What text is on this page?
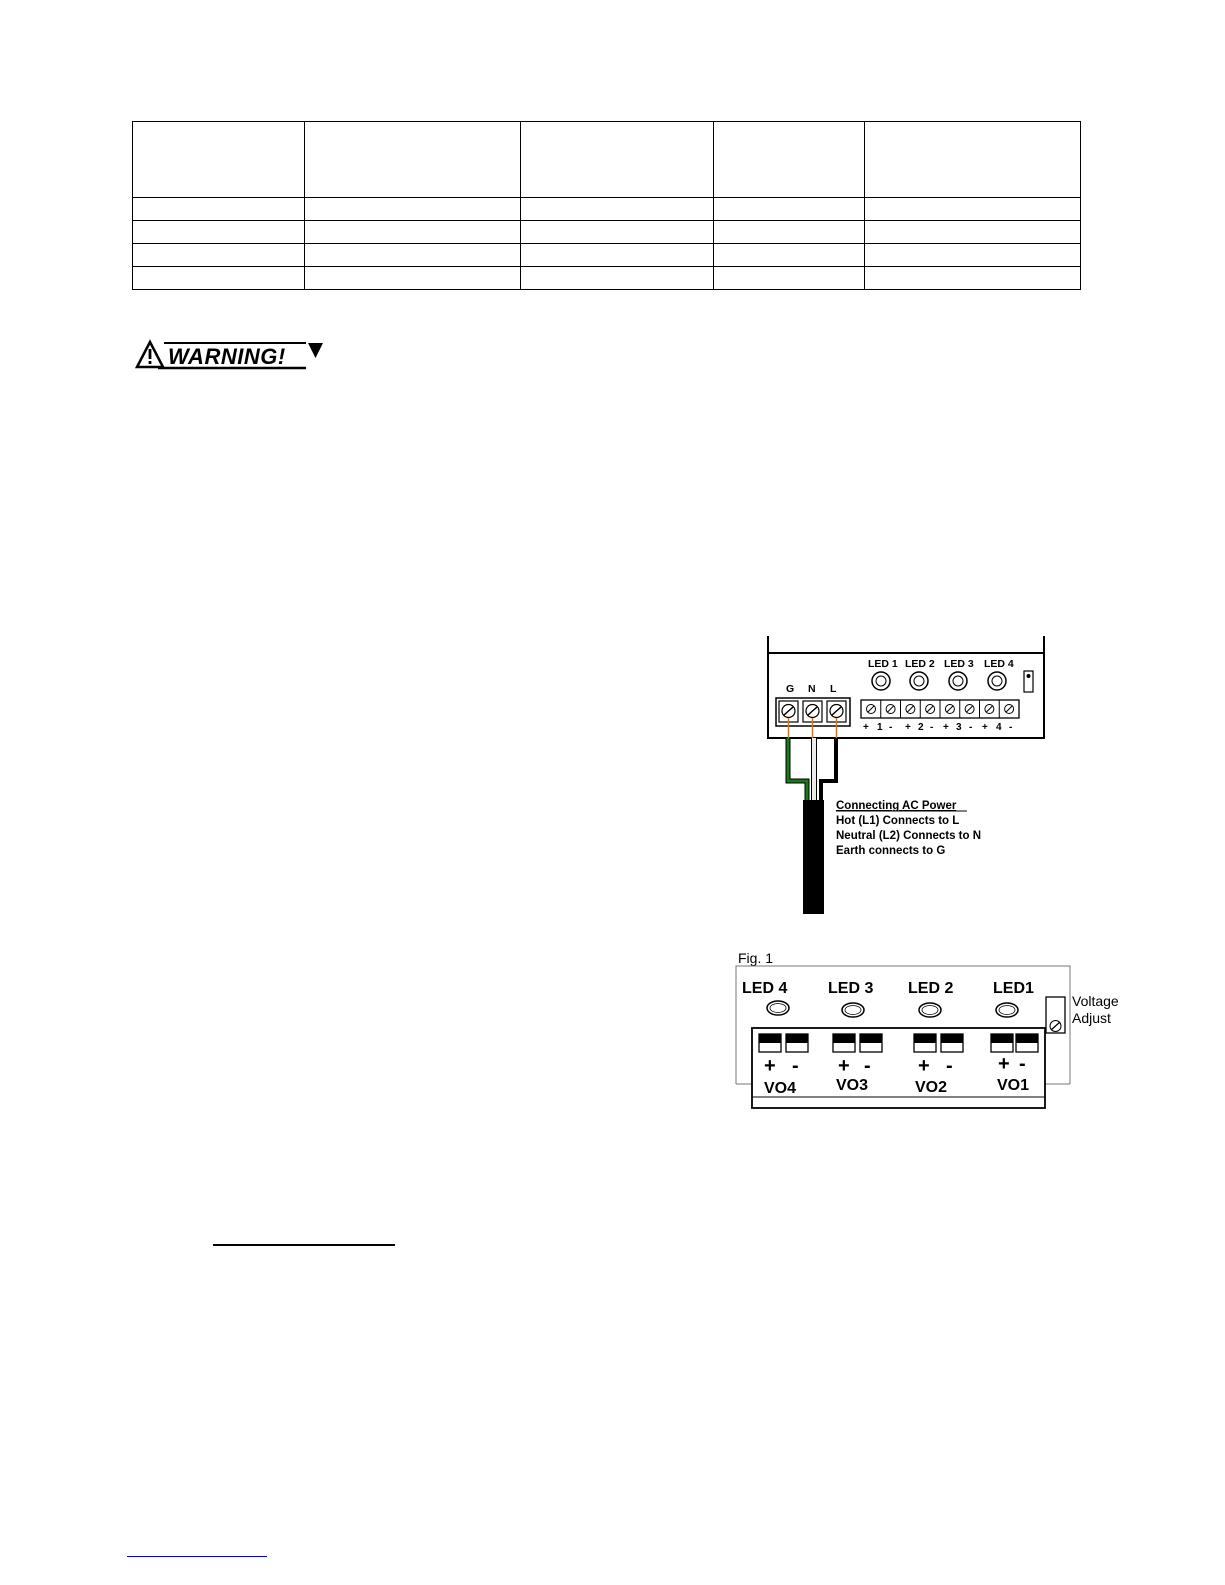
WARNING!
LED 1 LED 2 LED 3 LED 4
G N L
+ 1 - + 2 - + 3 - + 4 -
Connecting AC Power
Hot (L1) Connects to L
Neutral (L2) Connects to N
Earth connects to G
Fig. 1
LED 4	LED 3 LED 2 LED1
Voltage
Adjust
+ - + - + - + -
VO4 VO3	VO2	VO1
